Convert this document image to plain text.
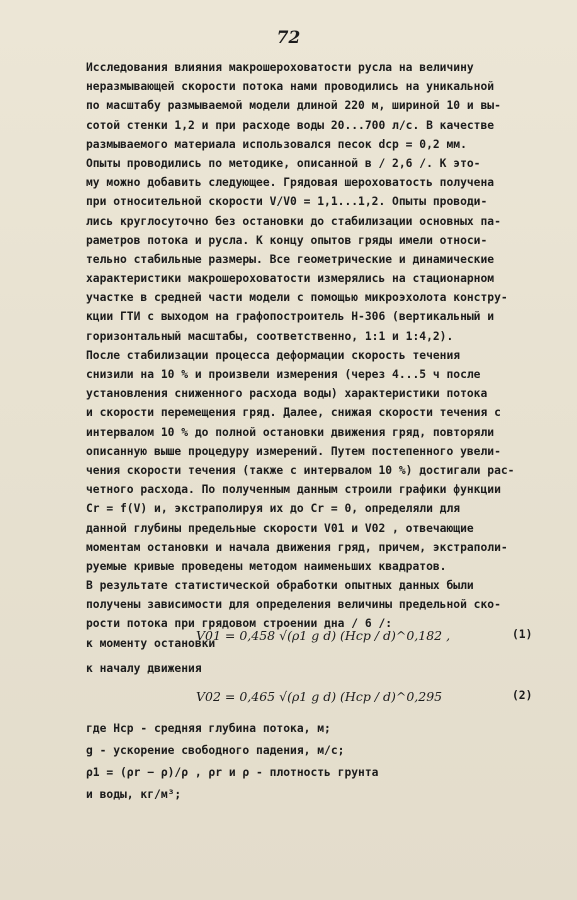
72
Исследования влияния макрошероховатости русла на величину
неразмывающей скорости потока нами проводились на уникальной
по масштабу размываемой модели длиной 220 м, шириной 10 и вы-
сотой стенки 1,2 и при расходе воды 20...700 л/с. В качестве
размываемого материала использовался песок dср = 0,2 мм.
Опыты проводились по методике, описанной в / 2,6 /. К это-
му можно добавить следующее. Грядовая шероховатость получена
при относительной скорости V/V0 = 1,1...1,2. Опыты проводи-
лись круглосуточно без остановки до стабилизации основных па-
раметров потока и русла. К концу опытов гряды имели относи-
тельно стабильные размеры. Все геометрические и динамические
характеристики макрошероховатости измерялись на стационарном
участке в средней части модели с помощью микроэхолота констру-
кции ГТИ с выходом на графопостроитель Н-306 (вертикальный и
горизонтальный масштабы, соответственно, 1:1 и 1:4,2).
После стабилизации процесса деформации скорость течения
снизили на 10 % и произвели измерения (через 4...5 ч после
установления сниженного расхода воды) характеристики потока
и скорости перемещения гряд. Далее, снижая скорости течения с
интервалом 10 % до полной остановки движения гряд, повторяли
описанную выше процедуру измерений. Путем постепенного увели-
чения скорости течения (также с интервалом 10 %) достигали рас-
четного расхода. По полученным данным строили графики функции
Cr = f(V) и, экстраполируя их до Cr = 0, определяли для
данной глубины предельные скорости V01 и V02 , отвечающие
моментам остановки и начала движения гряд, причем, экстраполи-
руемые кривые проведены методом наименьших квадратов.
В результате статистической обработки опытных данных были
получены зависимости для определения величины предельной ско-
рости потока при грядовом строении дна / 6 /:
к моменту остановки
V01 = 0,458 √(ρ1 g d) (Hср / d)^0,182 ,	(1)
к началу движения
V02 = 0,465 √(ρ1 g d) (Hср / d)^0,295	(2)
где Hср - средняя глубина потока, м;
g - ускорение свободного падения, м/с;
ρ1 = (ρr − ρ)/ρ , ρr и ρ - плотность грунта
и воды, кг/м³;
